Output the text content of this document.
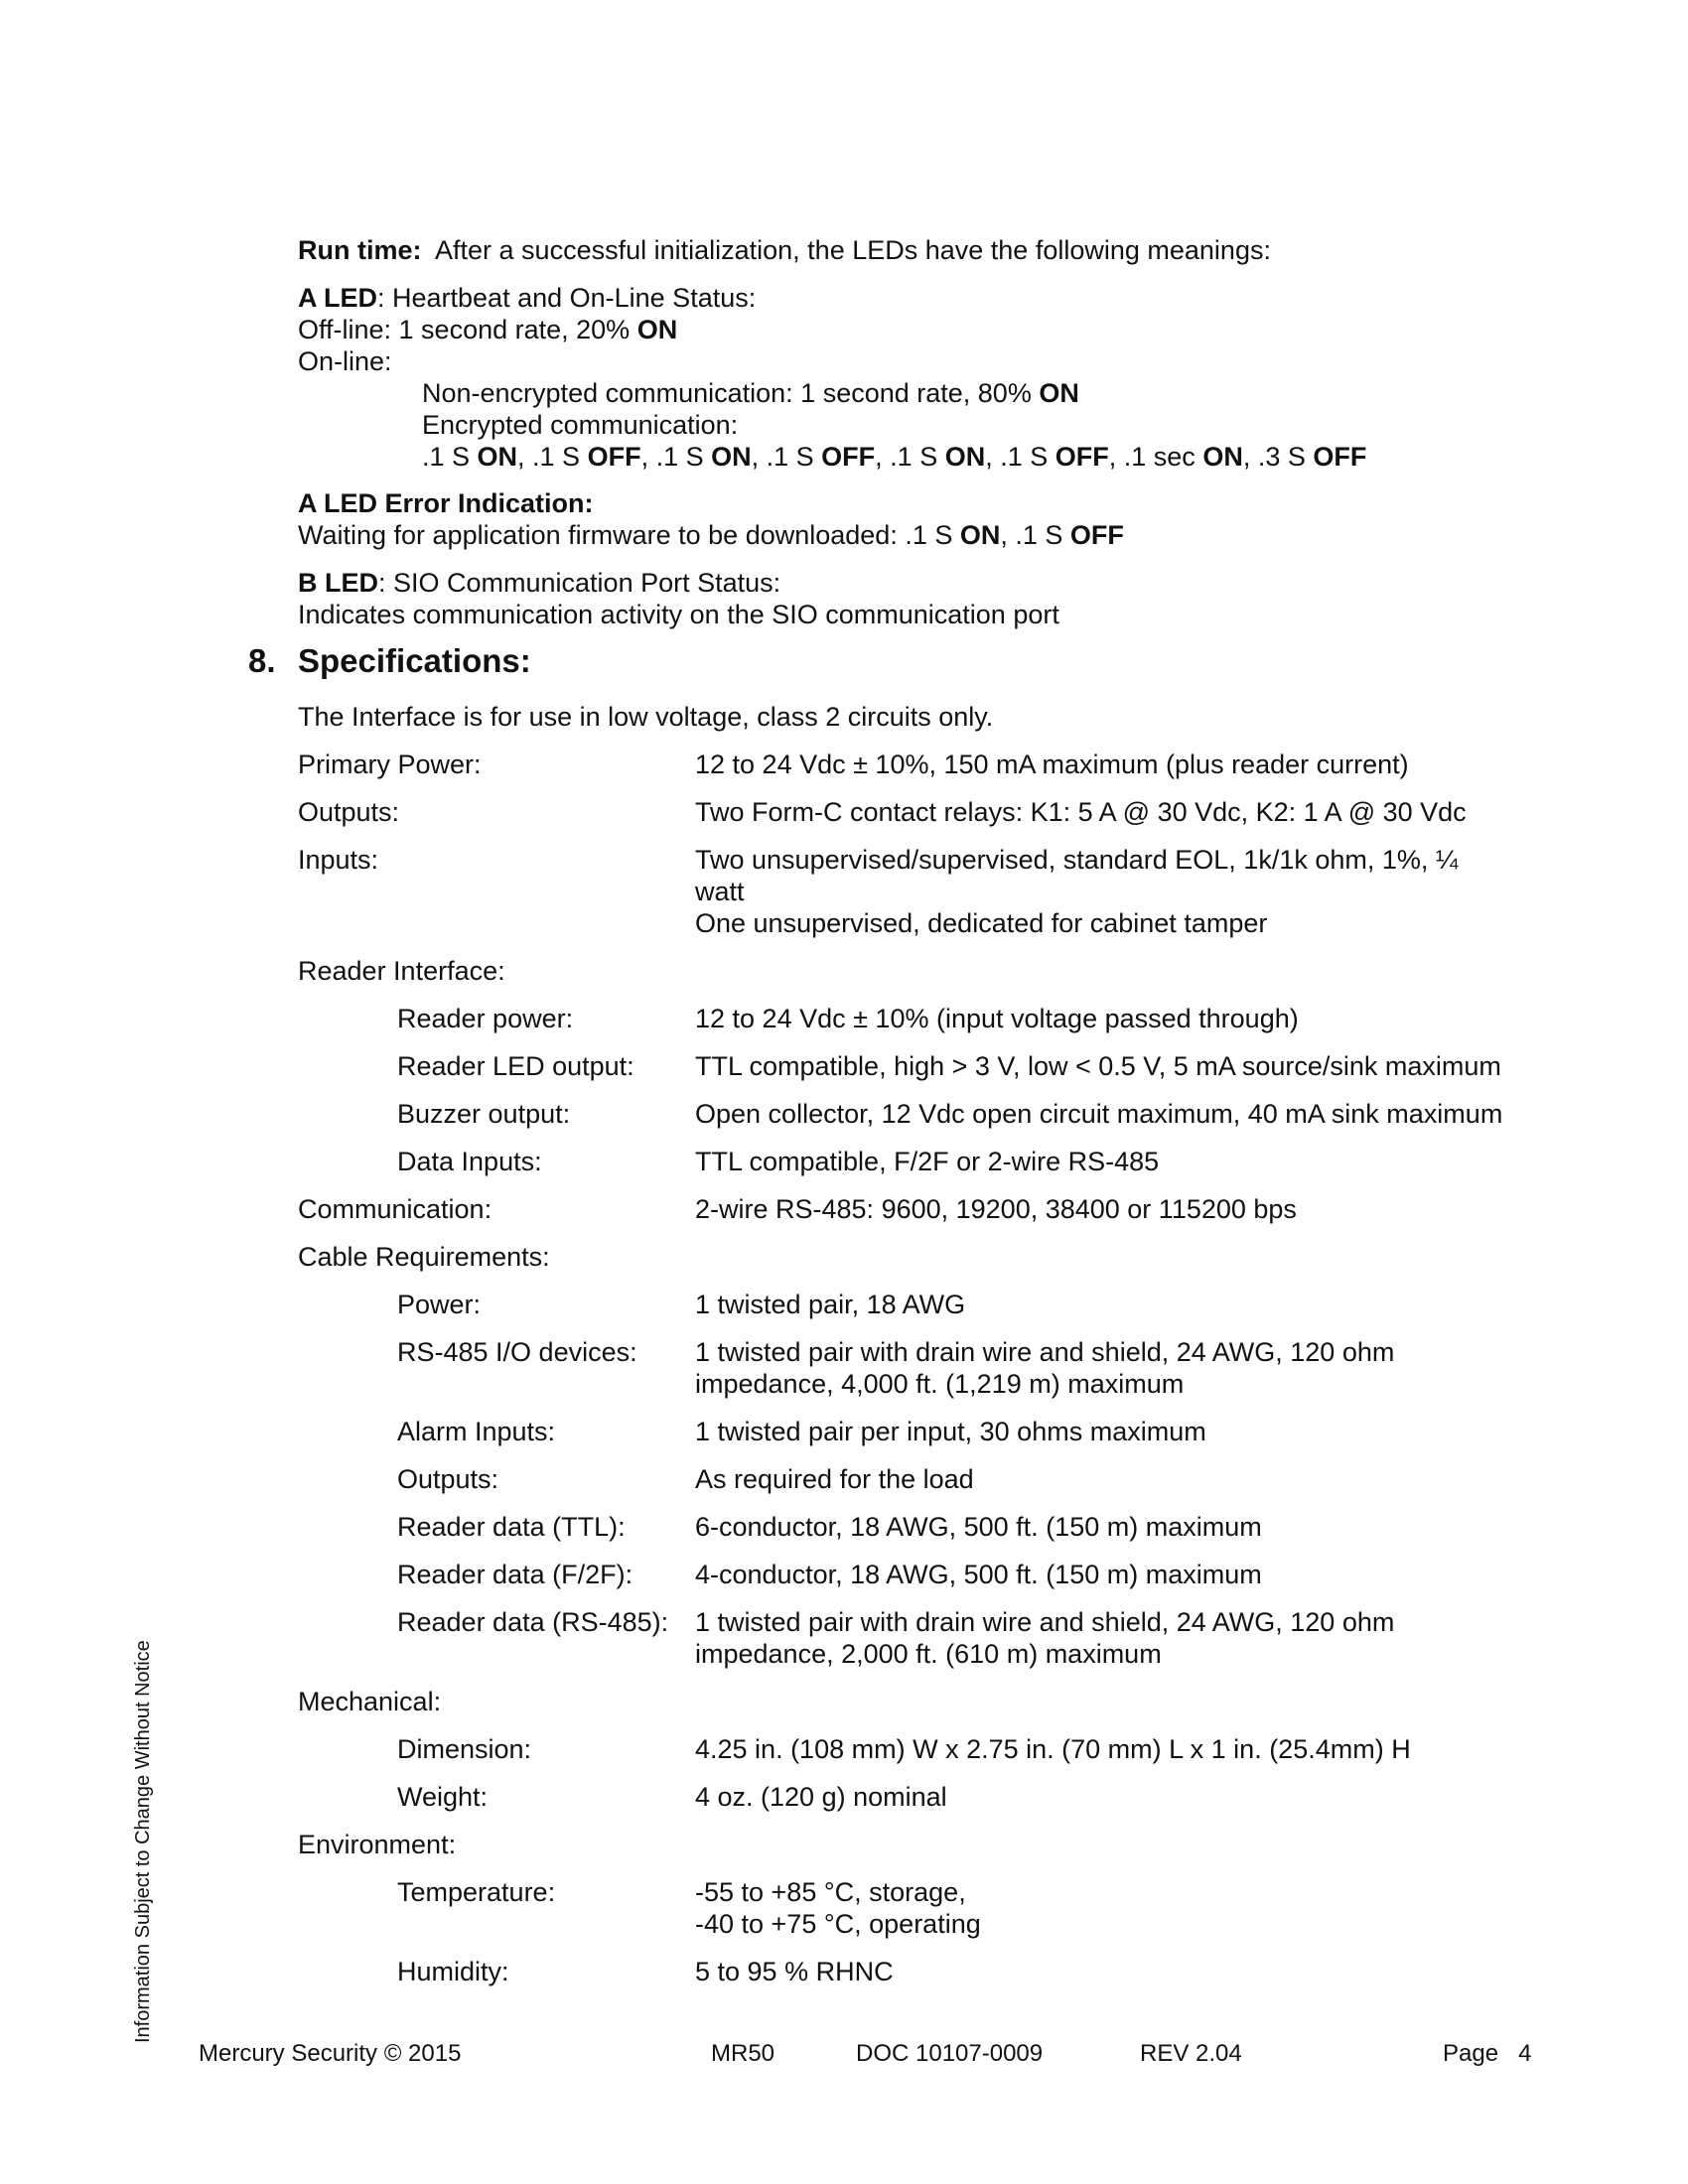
Run time: After a successful initialization, the LEDs have the following meanings:
A LED: Heartbeat and On-Line Status:
Off-line: 1 second rate, 20% ON
On-line:
Non-encrypted communication: 1 second rate, 80% ON
Encrypted communication:
.1 S ON, .1 S OFF, .1 S ON, .1 S OFF, .1 S ON, .1 S OFF, .1 sec ON, .3 S OFF
A LED Error Indication:
Waiting for application firmware to be downloaded: .1 S ON, .1 S OFF
B LED: SIO Communication Port Status:
Indicates communication activity on the SIO communication port
8. Specifications:
The Interface is for use in low voltage, class 2 circuits only.
Primary Power:	12 to 24 Vdc ± 10%, 150 mA maximum (plus reader current)
Outputs:	Two Form-C contact relays: K1: 5 A @ 30 Vdc, K2: 1 A @ 30 Vdc
Inputs:	Two unsupervised/supervised, standard EOL, 1k/1k ohm, 1%, ¼
watt
One unsupervised, dedicated for cabinet tamper
Reader Interface:
Reader power:	12 to 24 Vdc ± 10% (input voltage passed through)
Reader LED output: TTL compatible, high > 3 V, low < 0.5 V, 5 mA source/sink maximum
Buzzer output:	Open collector, 12 Vdc open circuit maximum, 40 mA sink maximum
Data Inputs:	TTL compatible, F/2F or 2-wire RS-485
Communication:	2-wire RS-485: 9600, 19200, 38400 or 115200 bps
Cable Requirements:
Power:	1 twisted pair, 18 AWG
RS-485 I/O devices: 1 twisted pair with drain wire and shield, 24 AWG, 120 ohm
impedance, 4,000 ft. (1,219 m) maximum
Alarm Inputs:	1 twisted pair per input, 30 ohms maximum
Outputs:	As required for the load
Reader data (TTL):	6-conductor, 18 AWG, 500 ft. (150 m) maximum
Reader data (F/2F): 4-conductor, 18 AWG, 500 ft. (150 m) maximum
Reader data (RS-485): 1 twisted pair with drain wire and shield, 24 AWG, 120 ohm
impedance, 2,000 ft. (610 m) maximum
Mechanical:
Dimension:	4.25 in. (108 mm) W x 2.75 in. (70 mm) L x 1 in. (25.4mm) H
Weight:	4 oz. (120 g) nominal
Environment:
Temperature:	-55 to +85 °C, storage,
-40 to +75 °C, operating
Humidity:	5 to 95 % RHNC
Information Subject to Change Without Notice
Mercury Security © 2015	MR50	DOC 10107-0009	REV 2.04	Page 4
